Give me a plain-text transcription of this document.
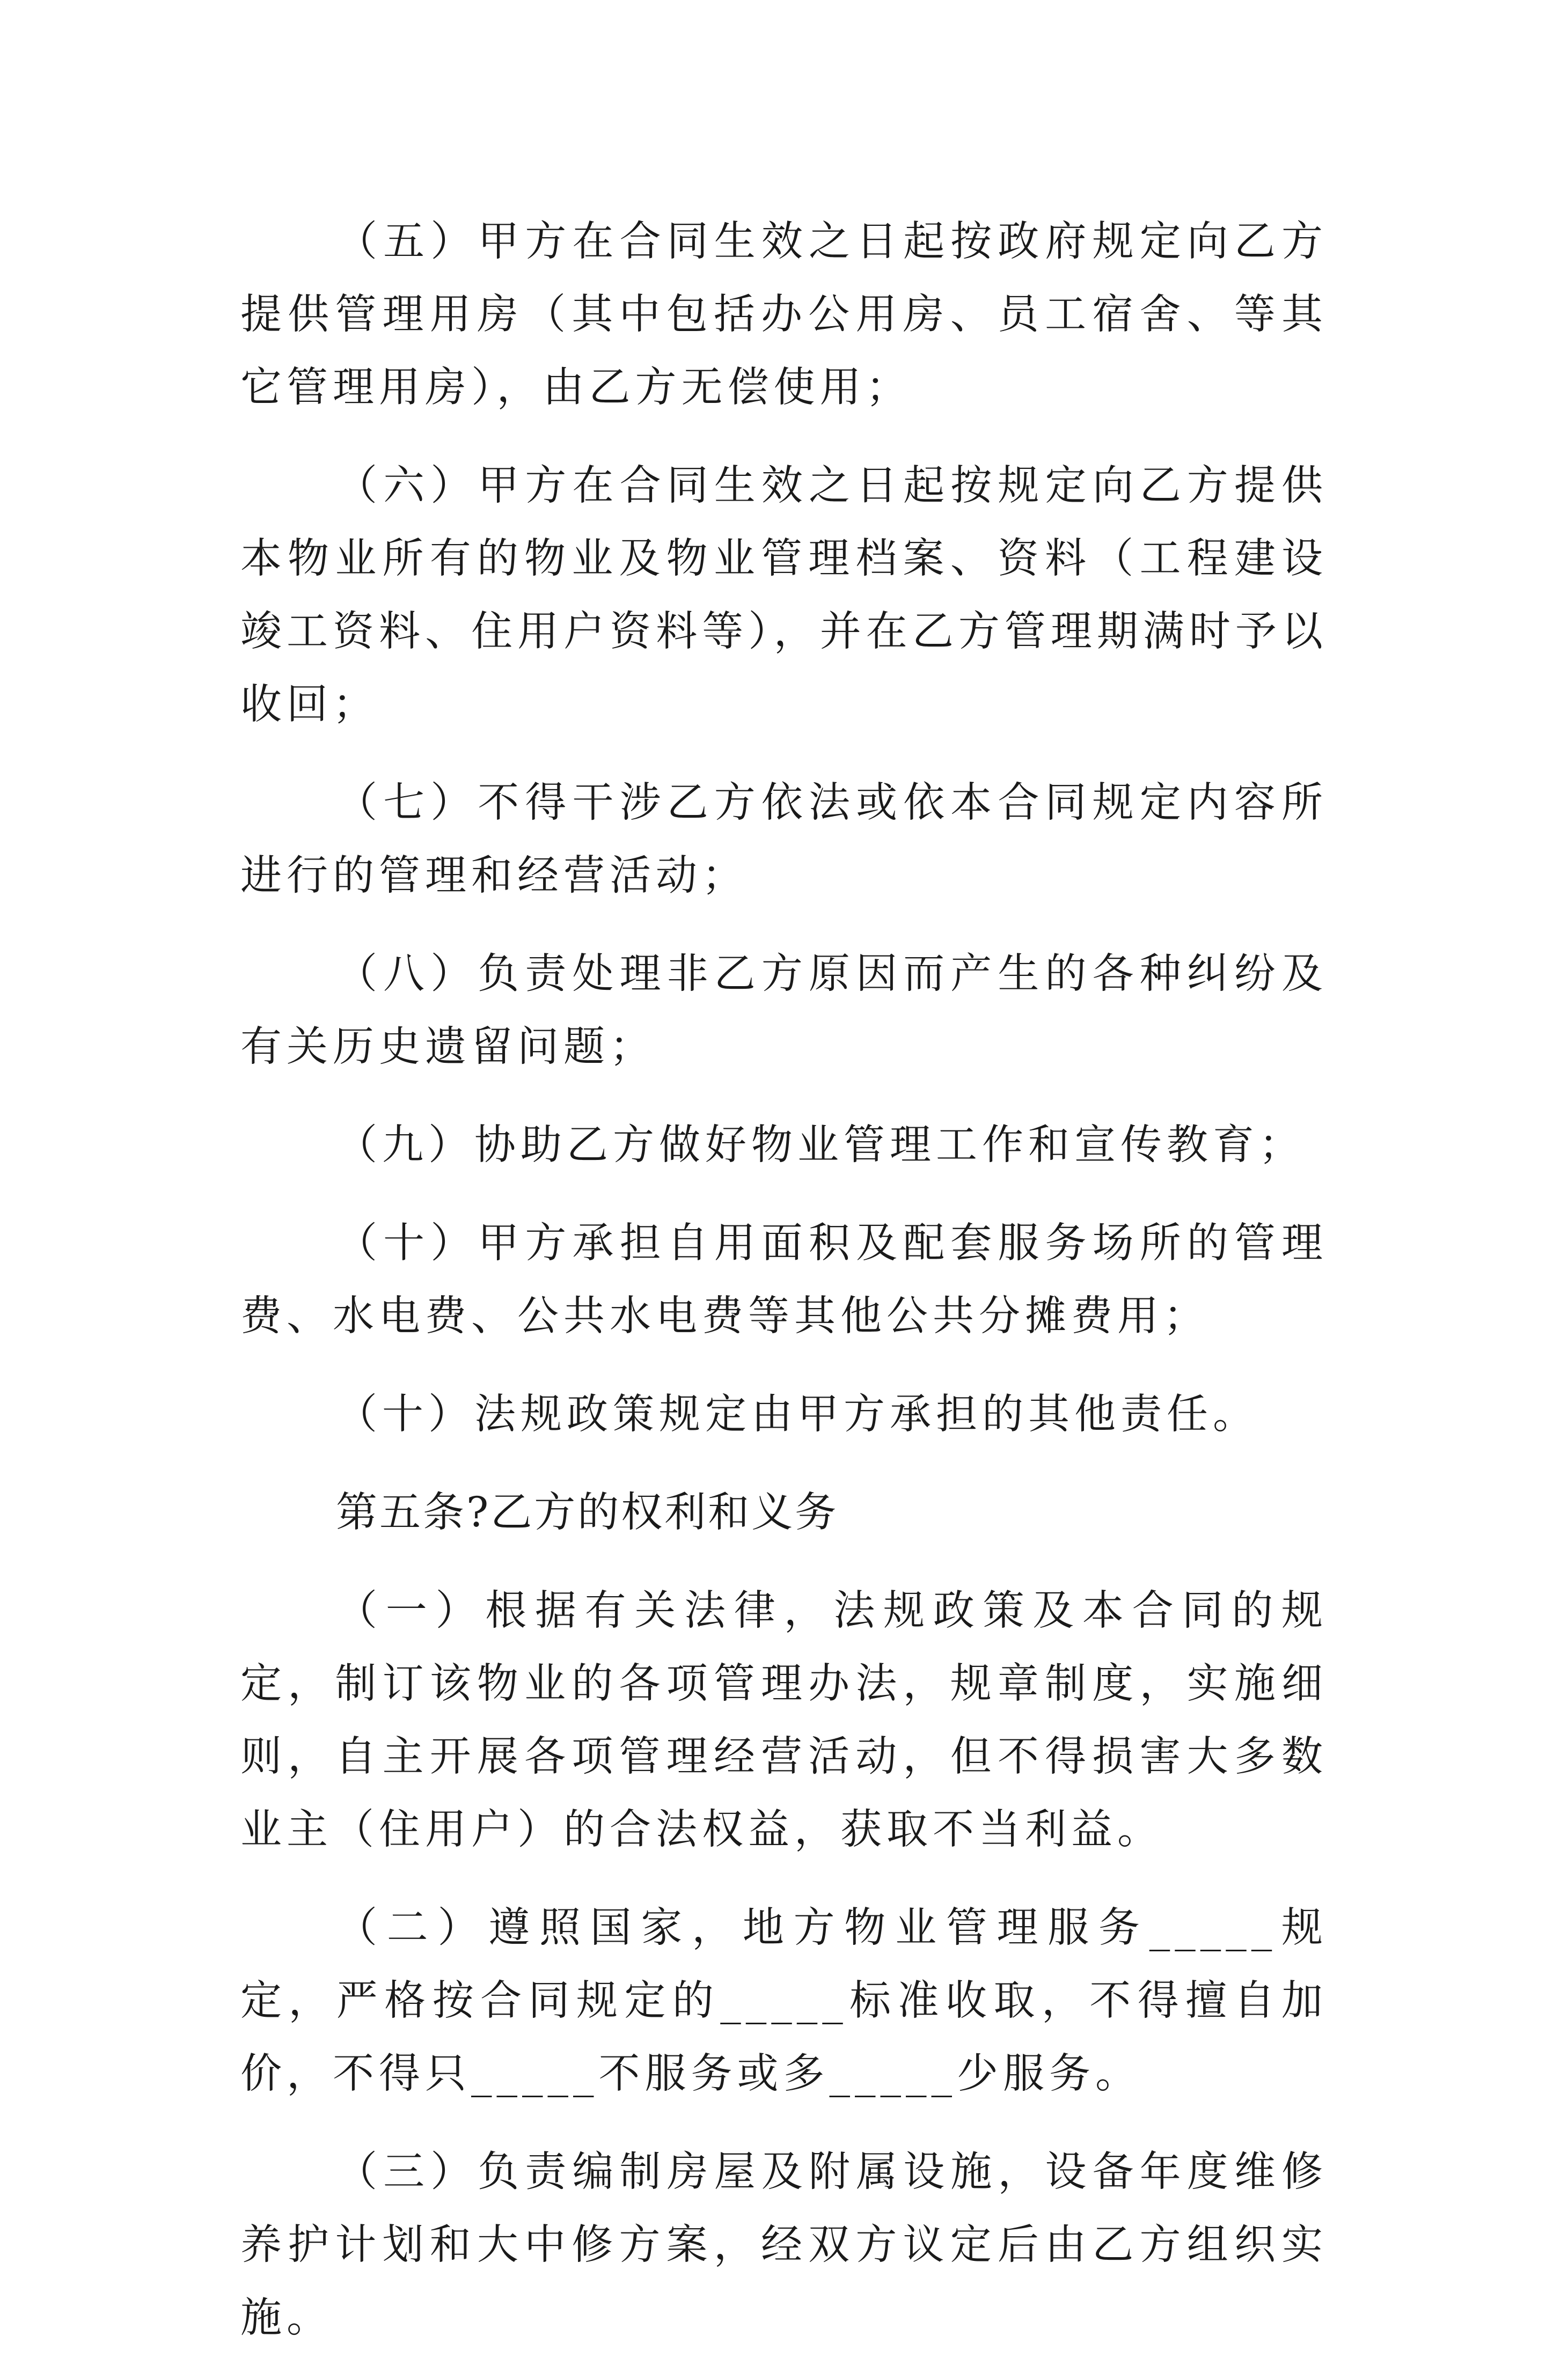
（五）甲方在合同生效之日起按政府规定向乙方提供管理用房（其中包括办公用房、员工宿舍、等其它管理用房），由乙方无偿使用；

（六）甲方在合同生效之日起按规定向乙方提供本物业所有的物业及物业管理档案、资料（工程建设竣工资料、住用户资料等），并在乙方管理期满时予以收回；

（七）不得干涉乙方依法或依本合同规定内容所进行的管理和经营活动；

（八）负责处理非乙方原因而产生的各种纠纷及有关历史遗留问题；

（九）协助乙方做好物业管理工作和宣传教育；

（十）甲方承担自用面积及配套服务场所的管理费、水电费、公共水电费等其他公共分摊费用；

（十）法规政策规定由甲方承担的其他责任。

第五条?乙方的权利和义务

（一）根据有关法律，法规政策及本合同的规定，制订该物业的各项管理办法，规章制度，实施细则，自主开展各项管理经营活动，但不得损害大多数业主（住用户）的合法权益，获取不当利益。

（二）遵照国家，地方物业管理服务_____规定，严格按合同规定的_____标准收取，不得擅自加价，不得只_____不服务或多_____少服务。

（三）负责编制房屋及附属设施，设备年度维修养护计划和大中修方案，经双方议定后由乙方组织实施。
